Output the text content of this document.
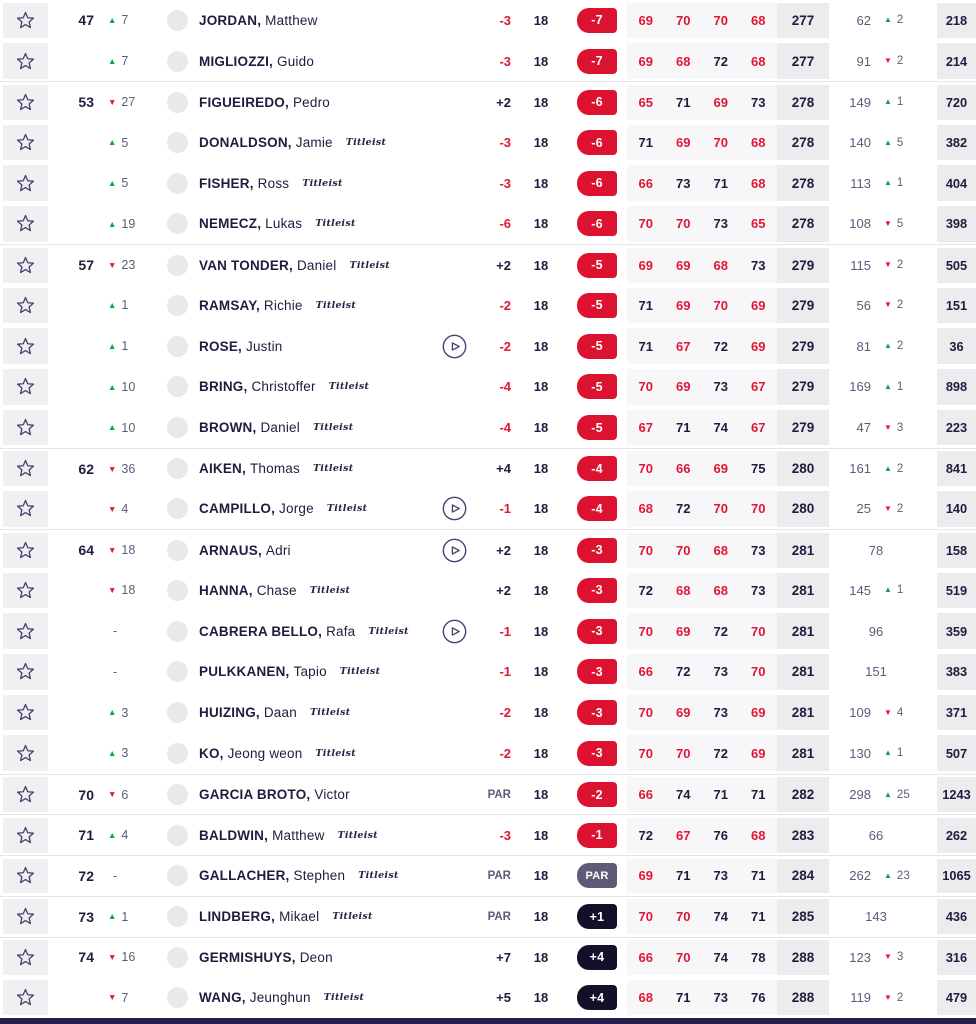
47 ▲ 7	JORDAN, Matthew	-3	18	-7	69	70	70	68	277	62 ▲ 2	218
▲ 7	MIGLIOZZI, Guido	-3	18	-7	69	68	72	68	277	91 ▼ 2	214
53 ▼ 27	FIGUEIREDO, Pedro	+2	18	-6	65	71	69	73	278	149 ▲ 1	720
▲ 5	DONALDSON, Jamie Titleist	-3	18	-6	71	69	70	68	278	140 ▲ 5	382
▲ 5	FISHER, Ross Titleist	-3	18	-6	66	73	71	68	278	113 ▲ 1	404
▲ 19	NEMECZ, Lukas Titleist	-6	18	-6	70	70	73	65	278	108 ▼ 5	398
57 ▼ 23	VAN TONDER, Daniel Titleist	+2	18	-5	69	69	68	73	279	115 ▼ 2	505
▲ 1	RAMSAY, Richie Titleist	-2	18	-5	71	69	70	69	279	56 ▼ 2	151
▲ 1	ROSE, Justin	-2	18	-5	71	67	72	69	279	81 ▲ 2	36
▲ 10	BRING, Christoffer Titleist	-4	18	-5	70	69	73	67	279	169 ▲ 1	898
▲ 10	BROWN, Daniel Titleist	-4	18	-5	67	71	74	67	279	47 ▼ 3	223
62 ▼ 36	AIKEN, Thomas Titleist	+4	18	-4	70	66	69	75	280	161 ▲ 2	841
▼ 4	CAMPILLO, Jorge Titleist	-1	18	-4	68	72	70	70	280	25 ▼ 2	140
64 ▼ 18	ARNAUS, Adri	+2	18	-3	70	70	68	73	281	78	158
▼ 18	HANNA, Chase Titleist	+2	18	-3	72	68	68	73	281	145 ▲ 1	519
-	CABRERA BELLO, Rafa Titleist	-1	18	-3	70	69	72	70	281	96	359
-	PULKKANEN, Tapio Titleist	-1	18	-3	66	72	73	70	281	151	383
▲ 3	HUIZING, Daan Titleist	-2	18	-3	70	69	73	69	281	109 ▼ 4	371
▲ 3	KO, Jeong weon Titleist	-2	18	-3	70	70	72	69	281	130 ▲ 1	507
70 ▼ 6	GARCIA BROTO, Victor	PAR	18	-2	66	74	71	71	282	298 ▲ 25	1243
71 ▲ 4	BALDWIN, Matthew Titleist	-3	18	-1	72	67	76	68	283	66	262
72 -	GALLACHER, Stephen Titleist	PAR	18	PAR	69	71	73	71	284	262 ▲ 23	1065
73 ▲ 1	LINDBERG, Mikael Titleist	PAR	18	+1	70	70	74	71	285	143	436
74 ▼ 16	GERMISHUYS, Deon	+7	18	+4	66	70	74	78	288	123 ▼ 3	316
▼ 7	WANG, Jeunghun Titleist	+5	18	+4	68	71	73	76	288	119 ▼ 2	479
